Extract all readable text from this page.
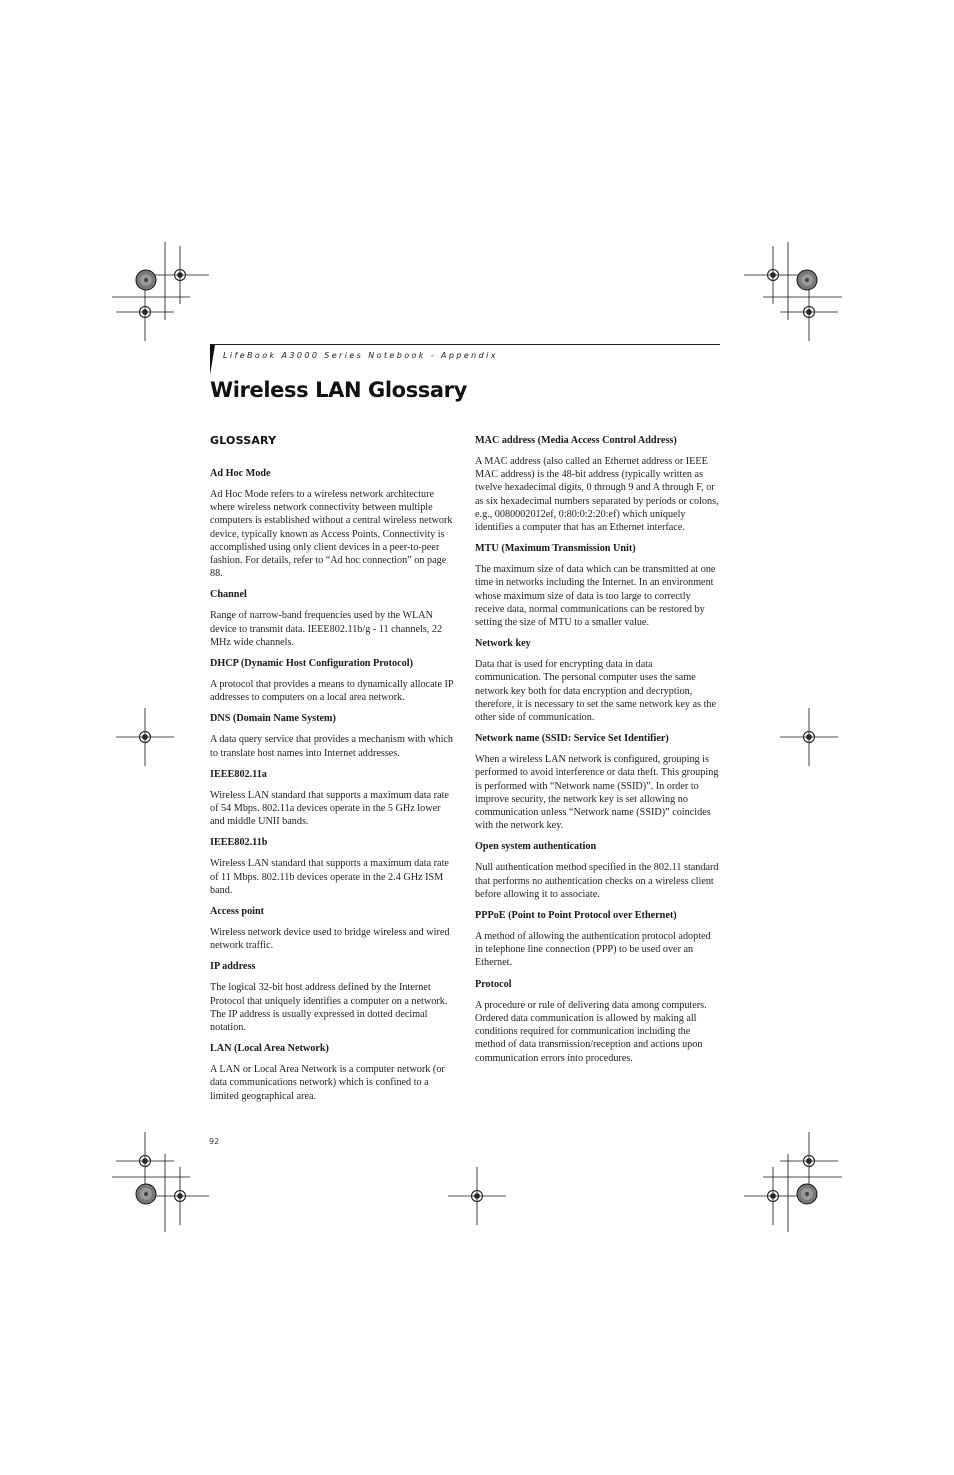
LifeBook A3000 Series Notebook - Appendix
Wireless LAN Glossary
GLOSSARY

Ad Hoc Mode

Ad Hoc Mode refers to a wireless network architecture where wireless network connectivity between multiple computers is established without a central wireless network device, typically known as Access Points. Connectivity is accomplished using only client devices in a peer-to-peer fashion. For details, refer to “Ad hoc connection” on page 88.

Channel

Range of narrow-band frequencies used by the WLAN device to transmit data. IEEE802.11b/g - 11 channels, 22 MHz wide channels.

DHCP (Dynamic Host Configuration Protocol)

A protocol that provides a means to dynamically allocate IP addresses to computers on a local area network.

DNS (Domain Name System)

A data query service that provides a mechanism with which to translate host names into Internet addresses.

IEEE802.11a

Wireless LAN standard that supports a maximum data rate of 54 Mbps. 802.11a devices operate in the 5 GHz lower and middle UNII bands.

IEEE802.11b

Wireless LAN standard that supports a maximum data rate of 11 Mbps. 802.11b devices operate in the 2.4 GHz ISM band.

Access point

Wireless network device used to bridge wireless and wired network traffic.

IP address

The logical 32-bit host address defined by the Internet Protocol that uniquely identifies a computer on a network. The IP address is usually expressed in dotted decimal notation.

LAN (Local Area Network)

A LAN or Local Area Network is a computer network (or data communications network) which is confined to a limited geographical area.

MAC address (Media Access Control Address)

A MAC address (also called an Ethernet address or IEEE MAC address) is the 48-bit address (typically written as twelve hexadecimal digits, 0 through 9 and A through F, or as six hexadecimal numbers separated by periods or colons, e.g., 0080002012ef, 0:80:0:2:20:ef) which uniquely identifies a computer that has an Ethernet interface.

MTU (Maximum Transmission Unit)

The maximum size of data which can be transmitted at one time in networks including the Internet. In an environment whose maximum size of data is too large to correctly receive data, normal communications can be restored by setting the size of MTU to a smaller value.

Network key

Data that is used for encrypting data in data communication. The personal computer uses the same network key both for data encryption and decryption, therefore, it is necessary to set the same network key as the other side of communication.

Network name (SSID: Service Set Identifier)

When a wireless LAN network is configured, grouping is performed to avoid interference or data theft. This grouping is performed with “Network name (SSID)”. In order to improve security, the network key is set allowing no communication unless “Network name (SSID)” coincides with the network key.

Open system authentication

Null authentication method specified in the 802.11 standard that performs no authentication checks on a wireless client before allowing it to associate.

PPPoE (Point to Point Protocol over Ethernet)

A method of allowing the authentication protocol adopted in telephone line connection (PPP) to be used over an Ethernet.

Protocol

A procedure or rule of delivering data among computers. Ordered data communication is allowed by making all conditions required for communication including the method of data transmission/reception and actions upon communication errors into procedures.

92
